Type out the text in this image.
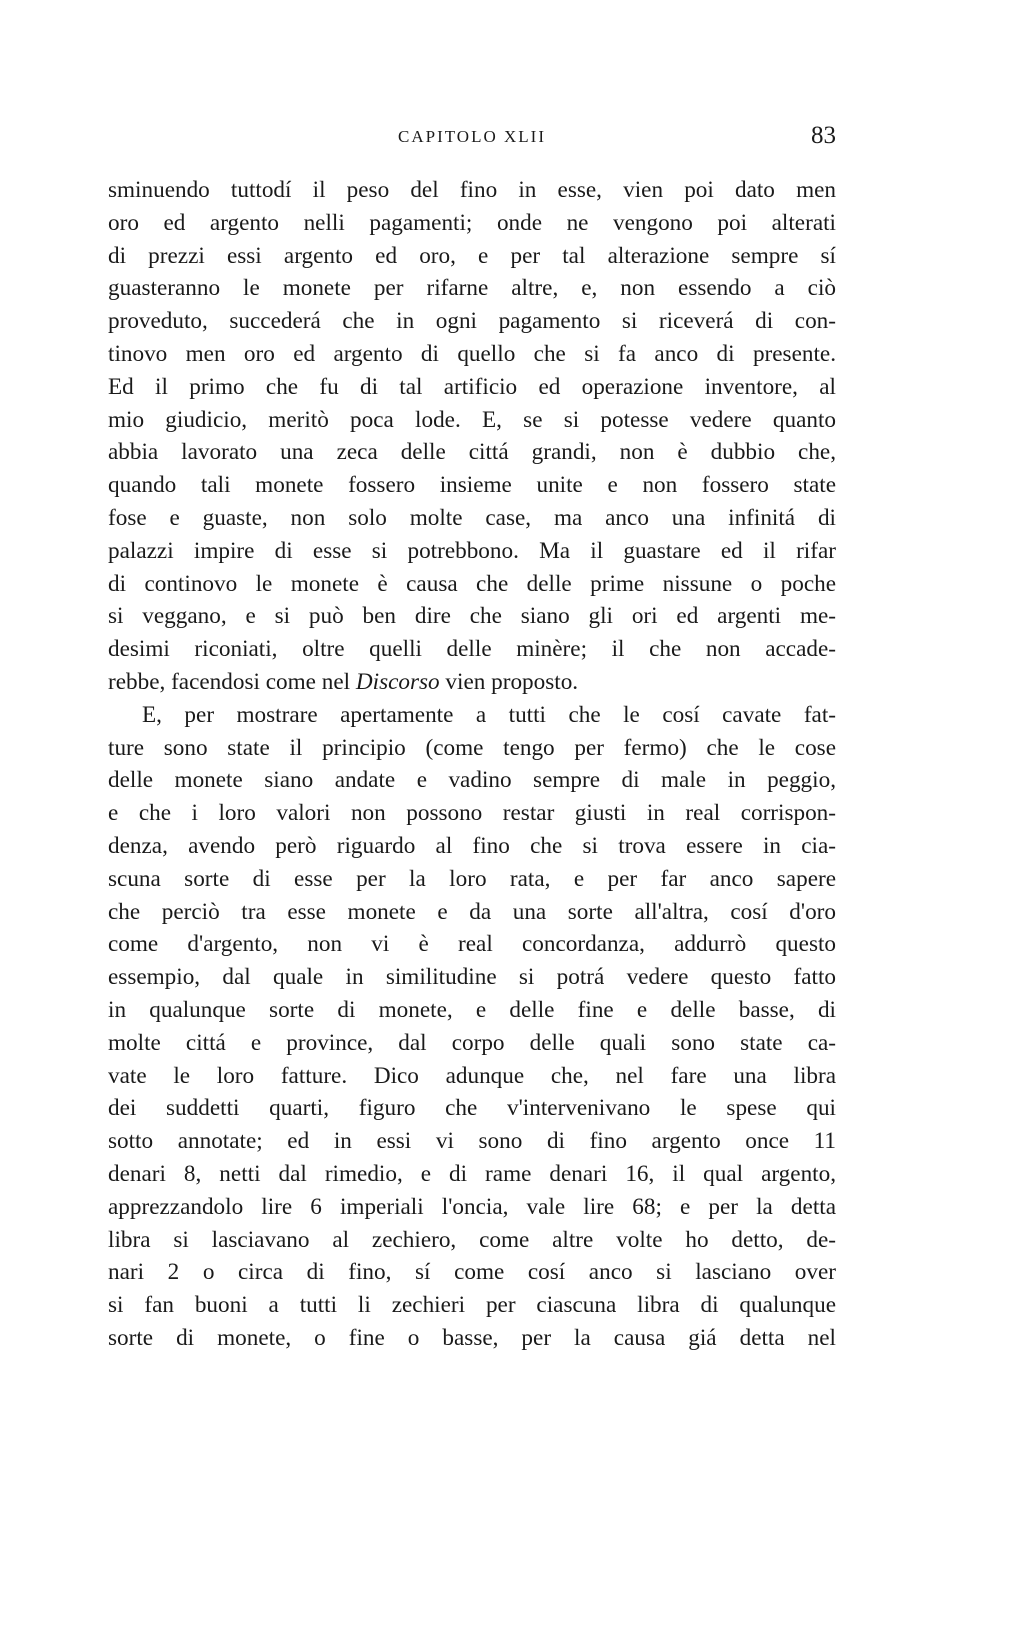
CAPITOLO XLII	83
sminuendo tuttodí il peso del fino in esse, vien poi dato men
oro ed argento nelli pagamenti; onde ne vengono poi alterati
di prezzi essi argento ed oro, e per tal alterazione sempre sí
guasteranno le monete per rifarne altre, e, non essendo a ciò
proveduto, succederá che in ogni pagamento si riceverá di con-
tinovo men oro ed argento di quello che si fa anco di presente.
Ed il primo che fu di tal artificio ed operazione inventore, al
mio giudicio, meritò poca lode. E, se si potesse vedere quanto
abbia lavorato una zeca delle cittá grandi, non è dubbio che,
quando tali monete fossero insieme unite e non fossero state
fose e guaste, non solo molte case, ma anco una infinitá di
palazzi impire di esse si potrebbono. Ma il guastare ed il rifar
di continovo le monete è causa che delle prime nissune o poche
si veggano, e si può ben dire che siano gli ori ed argenti me-
desimi riconiati, oltre quelli delle minère; il che non accade-
rebbe, facendosi come nel Discorso vien proposto.
E, per mostrare apertamente a tutti che le cosí cavate fat-
ture sono state il principio (come tengo per fermo) che le cose
delle monete siano andate e vadino sempre di male in peggio,
e che i loro valori non possono restar giusti in real corrispon-
denza, avendo però riguardo al fino che si trova essere in cia-
scuna sorte di esse per la loro rata, e per far anco sapere
che perciò tra esse monete e da una sorte all'altra, cosí d'oro
come d'argento, non vi è real concordanza, addurrò questo
essempio, dal quale in similitudine si potrá vedere questo fatto
in qualunque sorte di monete, e delle fine e delle basse, di
molte cittá e province, dal corpo delle quali sono state ca-
vate le loro fatture. Dico adunque che, nel fare una libra
dei suddetti quarti, figuro che v'intervenivano le spese qui
sotto annotate; ed in essi vi sono di fino argento once 11
denari 8, netti dal rimedio, e di rame denari 16, il qual argento,
apprezzandolo lire 6 imperiali l'oncia, vale lire 68; e per la detta
libra si lasciavano al zechiero, come altre volte ho detto, de-
nari 2 o circa di fino, sí come cosí anco si lasciano over
si fan buoni a tutti li zechieri per ciascuna libra di qualunque
sorte di monete, o fine o basse, per la causa giá detta nel
